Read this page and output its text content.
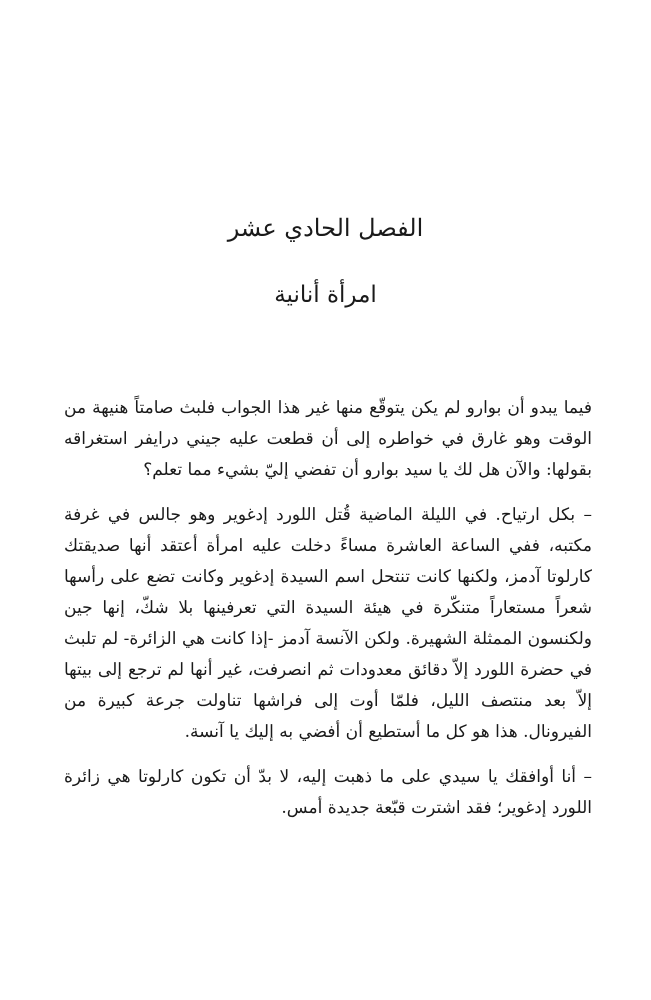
الفصل الحادي عشر
امرأة أنانية

فيما يبدو أن بوارو لم يكن يتوقّع منها غير هذا الجواب فلبث صامتاً هنيهة من الوقت وهو غارق في خواطره إلى أن قطعت عليه جيني درايفر استغراقه بقولها: والآن هل لك يا سيد بوارو أن تفضي إليّ بشيء مما تعلم؟

– بكل ارتياح. في الليلة الماضية قُتل اللورد إدغوير وهو جالس في غرفة مكتبه، ففي الساعة العاشرة مساءً دخلت عليه امرأة أعتقد أنها صديقتك كارلوتا آدمز، ولكنها كانت تنتحل اسم السيدة إدغوير وكانت تضع على رأسها شعراً مستعاراً متنكّرة في هيئة السيدة التي تعرفينها بلا شكّ، إنها جين ولكنسون الممثلة الشهيرة. ولكن الآنسة آدمز -إذا كانت هي الزائرة- لم تلبث في حضرة اللورد إلاّ دقائق معدودات ثم انصرفت، غير أنها لم ترجع إلى بيتها إلاّ بعد منتصف الليل، فلمّا أوت إلى فراشها تناولت جرعة كبيرة من الفيرونال. هذا هو كل ما أستطيع أن أفضي به إليك يا آنسة.

– أنا أوافقك يا سيدي على ما ذهبت إليه، لا بدّ أن تكون كارلوتا هي زائرة اللورد إدغوير؛ فقد اشترت قبّعة جديدة أمس.
